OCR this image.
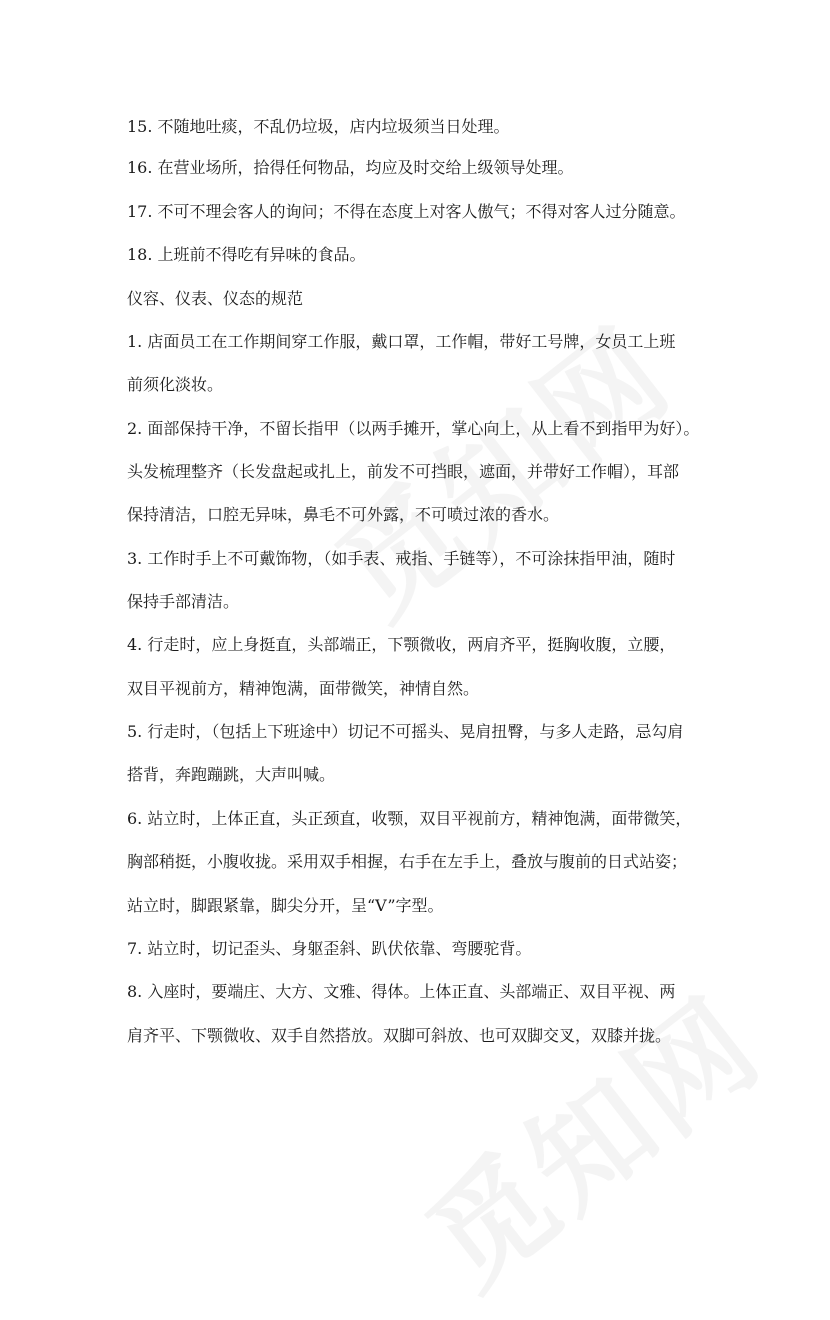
15. 不随地吐痰，不乱仍垃圾，店内垃圾须当日处理。

16. 在营业场所，拾得任何物品，均应及时交给上级领导处理。

17. 不可不理会客人的询问；不得在态度上对客人傲气；不得对客人过分随意。

18. 上班前不得吃有异味的食品。

仪容、仪表、仪态的规范

1. 店面员工在工作期间穿工作服，戴口罩，工作帽，带好工号牌，女员工上班

前须化淡妆。

2. 面部保持干净，不留长指甲（以两手摊开，掌心向上，从上看不到指甲为好）。

头发梳理整齐（长发盘起或扎上，前发不可挡眼，遮面，并带好工作帽），耳部

保持清洁，口腔无异味，鼻毛不可外露，不可喷过浓的香水。

3. 工作时手上不可戴饰物，（如手表、戒指、手链等），不可涂抹指甲油，随时

保持手部清洁。

4. 行走时，应上身挺直，头部端正，下颚微收，两肩齐平，挺胸收腹，立腰，

双目平视前方，精神饱满，面带微笑，神情自然。

5. 行走时，（包括上下班途中）切记不可摇头、晃肩扭臀，与多人走路，忌勾肩

搭背，奔跑蹦跳，大声叫喊。

6. 站立时，上体正直，头正颈直，收颚，双目平视前方，精神饱满，面带微笑，

胸部稍挺，小腹收拢。采用双手相握，右手在左手上，叠放与腹前的日式站姿；

站立时，脚跟紧靠，脚尖分开，呈“V”字型。

7. 站立时，切记歪头、身躯歪斜、趴伏依靠、弯腰驼背。

8. 入座时，要端庄、大方、文雅、得体。上体正直、头部端正、双目平视、两

肩齐平、下颚微收、双手自然搭放。双脚可斜放、也可双脚交叉，双膝并拢。
